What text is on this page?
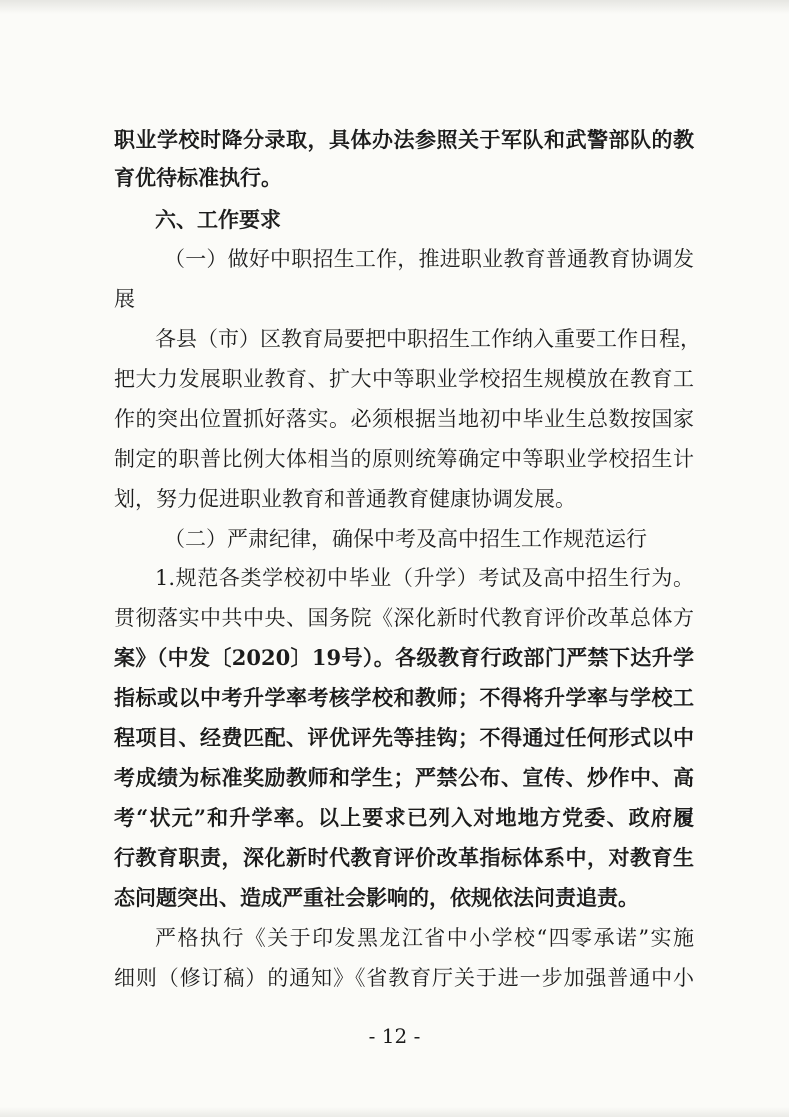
职业学校时降分录取，具体办法参照关于军队和武警部队的教
育优待标准执行。
六、工作要求
（一）做好中职招生工作，推进职业教育普通教育协调发
展
各县（市）区教育局要把中职招生工作纳入重要工作日程，
把大力发展职业教育、扩大中等职业学校招生规模放在教育工
作的突出位置抓好落实。必须根据当地初中毕业生总数按国家
制定的职普比例大体相当的原则统筹确定中等职业学校招生计
划，努力促进职业教育和普通教育健康协调发展。
（二）严肃纪律，确保中考及高中招生工作规范运行
1.规范各类学校初中毕业（升学）考试及高中招生行为。
贯彻落实中共中央、国务院《深化新时代教育评价改革总体方
案》（中发〔2020〕19号）。各级教育行政部门严禁下达升学
指标或以中考升学率考核学校和教师；不得将升学率与学校工
程项目、经费匹配、评优评先等挂钩；不得通过任何形式以中
考成绩为标准奖励教师和学生；严禁公布、宣传、炒作中、高
考“状元”和升学率。以上要求已列入对地地方党委、政府履
行教育职责，深化新时代教育评价改革指标体系中，对教育生
态问题突出、造成严重社会影响的，依规依法问责追责。
严格执行《关于印发黑龙江省中小学校“四零承诺”实施
细则（修订稿）的通知》《省教育厅关于进一步加强普通中小
- 12 -
